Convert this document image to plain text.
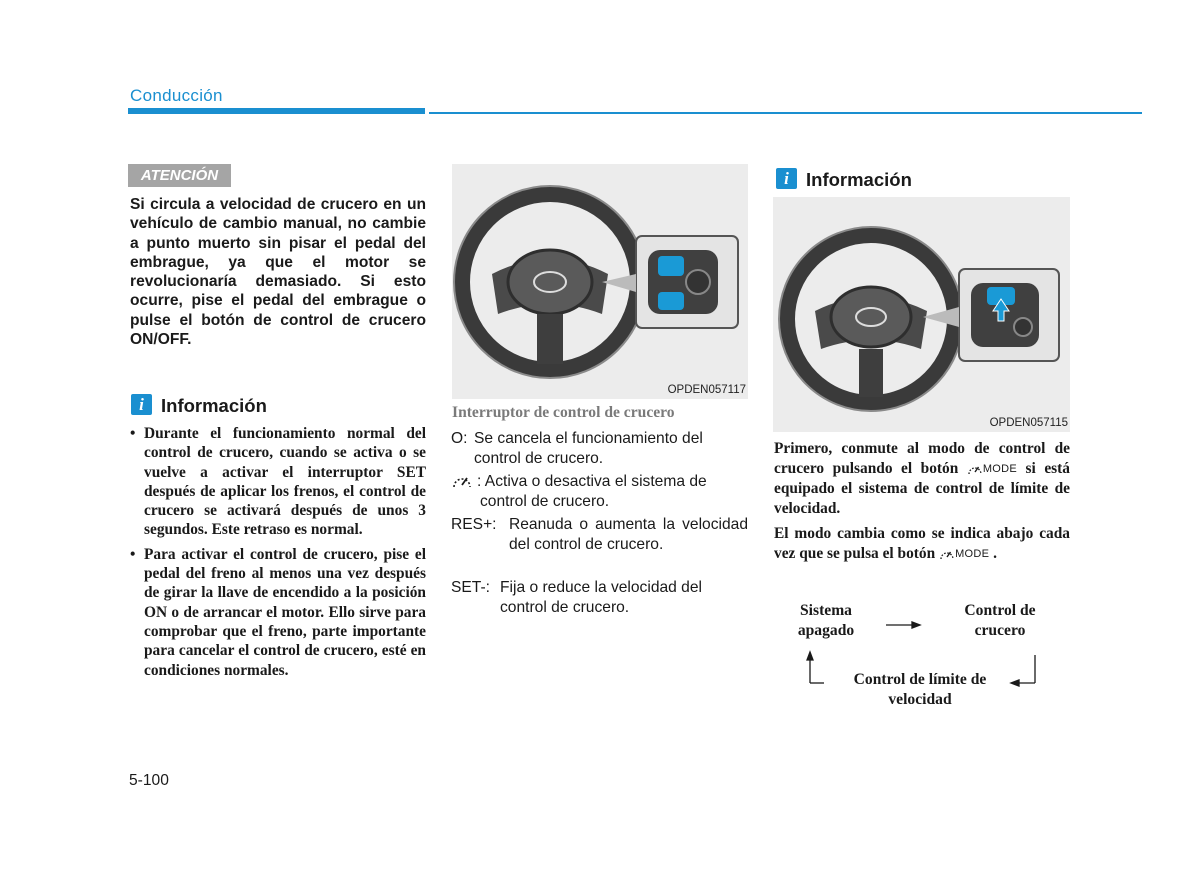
Conducción
ATENCIÓN
Si circula a velocidad de crucero en un vehículo de cambio manual, no cambie a punto muerto sin pisar el pedal del embrague, ya que el motor se revolucionaría demasiado. Si esto ocurre, pise el pedal del embrague o pulse el botón de control de crucero ON/OFF.
i Información
• Durante el funcionamiento normal del control de crucero, cuando se activa o se vuelve a activar el interruptor SET después de aplicar los frenos, el control de crucero se activará después de unos 3 segundos. Este retraso es normal.
• Para activar el control de crucero, pise el pedal del freno al menos una vez después de girar la llave de encendido a la posición ON o de arrancar el motor. Ello sirve para comprobar que el freno, parte importante para cancelar el control de crucero, esté en condiciones normales.
OPDEN057117
Interruptor de control de crucero
O: Se cancela el funcionamiento del control de crucero.
: Activa o desactiva el sistema de control de crucero.
RES+: Reanuda o aumenta la velocidad del control de crucero.
SET-: Fija o reduce la velocidad del control de crucero.
i Información
OPDEN057115
Primero, conmute al modo de control de crucero pulsando el botón MODE si está equipado el sistema de control de límite de velocidad.
El modo cambia como se indica abajo cada vez que se pulsa el botón MODE .
Sistema apagado
Control de crucero
Control de límite de velocidad
5-100
